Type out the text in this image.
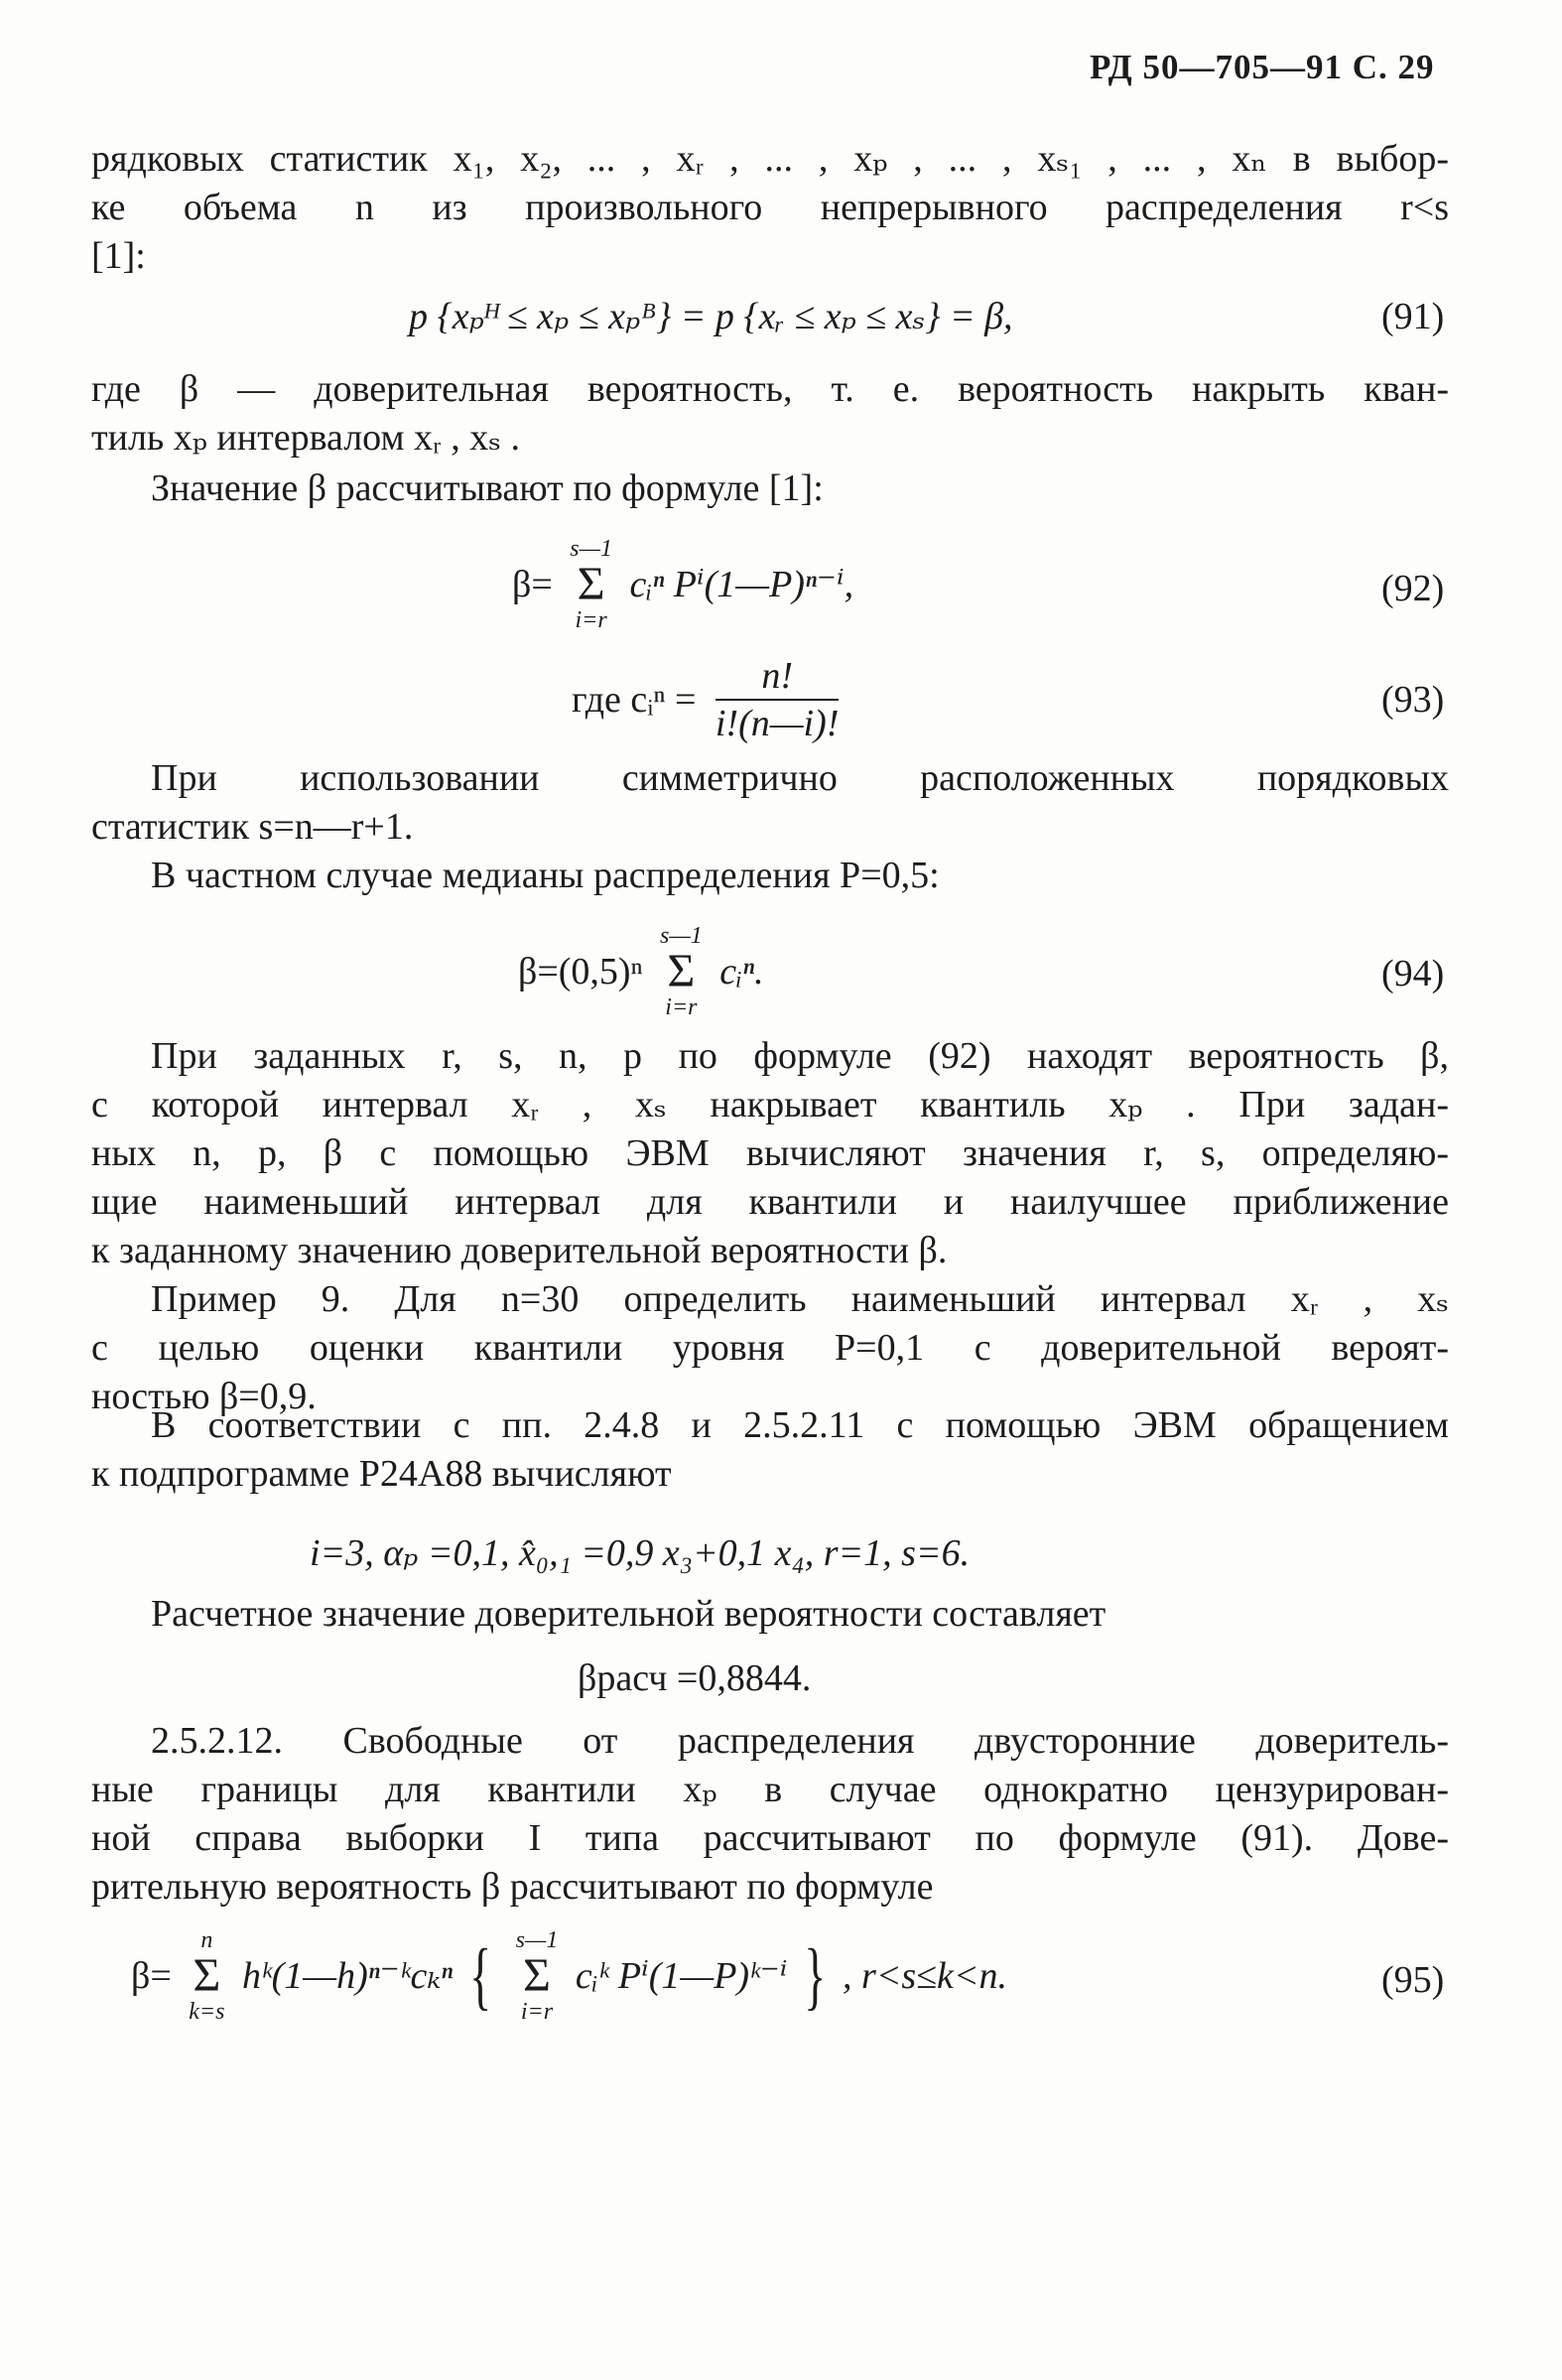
РД 50—705—91 С. 29
рядковых статистик x₁, x₂, ... , xᵣ , ... , xₚ , ... , xₛ₁ , ... , xₙ в выбор-
ке объема n из произвольного непрерывного распределения r<s
[1]:
p {xₚᴴ ≤ xₚ ≤ xₚᴮ} = p {xᵣ ≤ xₚ ≤ xₛ} = β,	(91)
где β — доверительная вероятность, т. е. вероятность накрыть кван-
тиль xₚ интервалом xᵣ , xₛ .
Значение β рассчитывают по формуле [1]:
β=
s—1
Σ
i=r
cᵢⁿ Pⁱ(1—P)ⁿ⁻ⁱ,	(92)
где cᵢⁿ = $\frac{n!}{i!(n—i)!}$	(93)
При использовании симметрично расположенных порядковых
статистик s=n—r+1.
В частном случае медианы распределения P=0,5:
β=(0,5)ⁿ
s—1
Σ
i=r
cᵢⁿ.	(94)
При заданных r, s, n, p по формуле (92) находят вероятность β,
с которой интервал xᵣ , xₛ накрывает квантиль xₚ . При задан-
ных n, p, β с помощью ЭВМ вычисляют значения r, s, определяю-
щие наименьший интервал для квантили и наилучшее приближение
к заданному значению доверительной вероятности β.
Пример 9. Для n=30 определить наименьший интервал xᵣ , xₛ
с целью оценки квантили уровня P=0,1 с доверительной вероят-
ностью β=0,9.
В соответствии с пп. 2.4.8 и 2.5.2.11 с помощью ЭВМ обращением
к подпрограмме P24A88 вычисляют
i=3, αₚ =0,1, x̂₀,₁ =0,9 x₃+0,1 x₄, r=1, s=6.
Расчетное значение доверительной вероятности составляет
βрасч =0,8844.
2.5.2.12. Свободные от распределения двусторонние доверитель-
ные границы для квантили xₚ в случае однократно цензурирован-
ной справа выборки I типа рассчитывают по формуле (91). Дове-
рительную вероятность β рассчитывают по формуле
β=
n
Σ
k=s
hᵏ(1—h)ⁿ⁻ᵏcₖⁿ { s—1
Σ
i=r
cᵢᵏ Pⁱ(1—P)ᵏ⁻ⁱ } , r<s≤k<n.	(95)
